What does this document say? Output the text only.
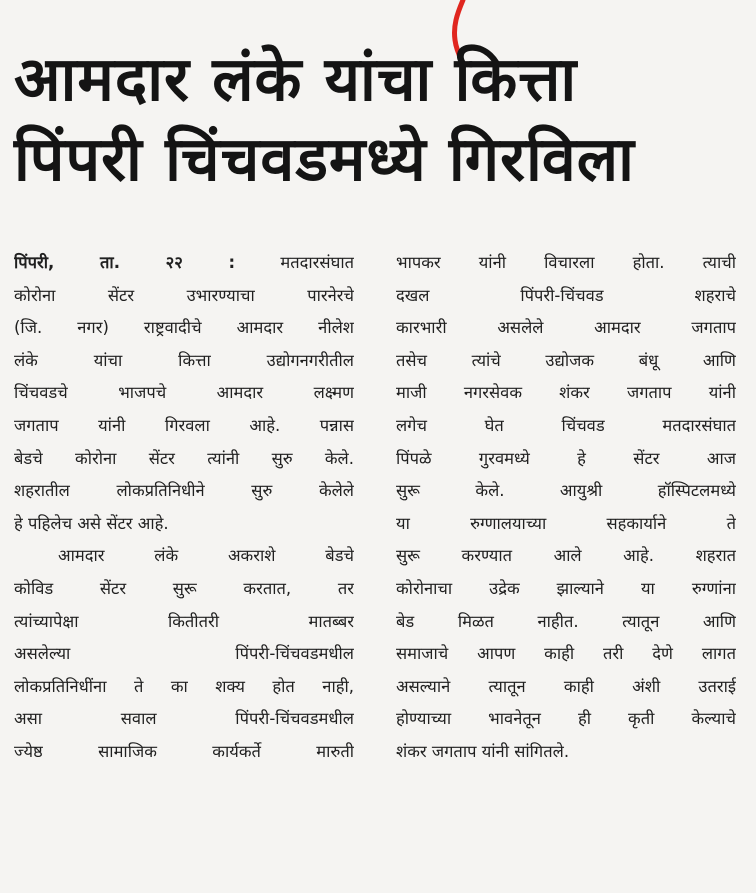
आमदार लंके यांचा कित्ता
पिंपरी चिंचवडमध्ये गिरविला
पिंपरी, ता. २२ :	मतदारसंघात
कोरोना सेंटर उभारण्याचा पारनेरचे
(जि. नगर) राष्ट्रवादीचे आमदार नीलेश
लंके यांचा कित्ता उद्योगनगरीतील
चिंचवडचे भाजपचे आमदार लक्ष्मण
जगताप यांनी गिरवला आहे. पन्नास
बेडचे कोरोना सेंटर त्यांनी सुरु केले.
शहरातील लोकप्रतिनिधीने सुरु केलेले
हे पहिलेच असे सेंटर आहे.
आमदार लंके अकराशे बेडचे
कोविड सेंटर सुरू करतात, तर
त्यांच्यापेक्षा कितीतरी मातब्बर
असलेल्या पिंपरी-चिंचवडमधील
लोकप्रतिनिधींना ते का शक्य होत नाही,
असा सवाल पिंपरी-चिंचवडमधील
ज्येष्ठ सामाजिक कार्यकर्ते मारुती
भापकर यांनी विचारला होता. त्याची
दखल पिंपरी-चिंचवड शहराचे
कारभारी असलेले आमदार जगताप
तसेच त्यांचे उद्योजक बंधू आणि
माजी नगरसेवक शंकर जगताप यांनी
लगेच घेत चिंचवड मतदारसंघात
पिंपळे गुरवमध्ये हे सेंटर आज
सुरू केले. आयुश्री हॉस्पिटलमध्ये
या रुग्णालयाच्या सहकार्याने ते
सुरू करण्यात आले आहे. शहरात
कोरोनाचा उद्रेक झाल्याने या रुग्णांना
बेड मिळत नाहीत. त्यातून आणि
समाजाचे आपण काही तरी देणे लागत
असल्याने त्यातून काही अंशी उतराई
होण्याच्या भावनेतून ही कृती केल्याचे
शंकर जगताप यांनी सांगितले.
